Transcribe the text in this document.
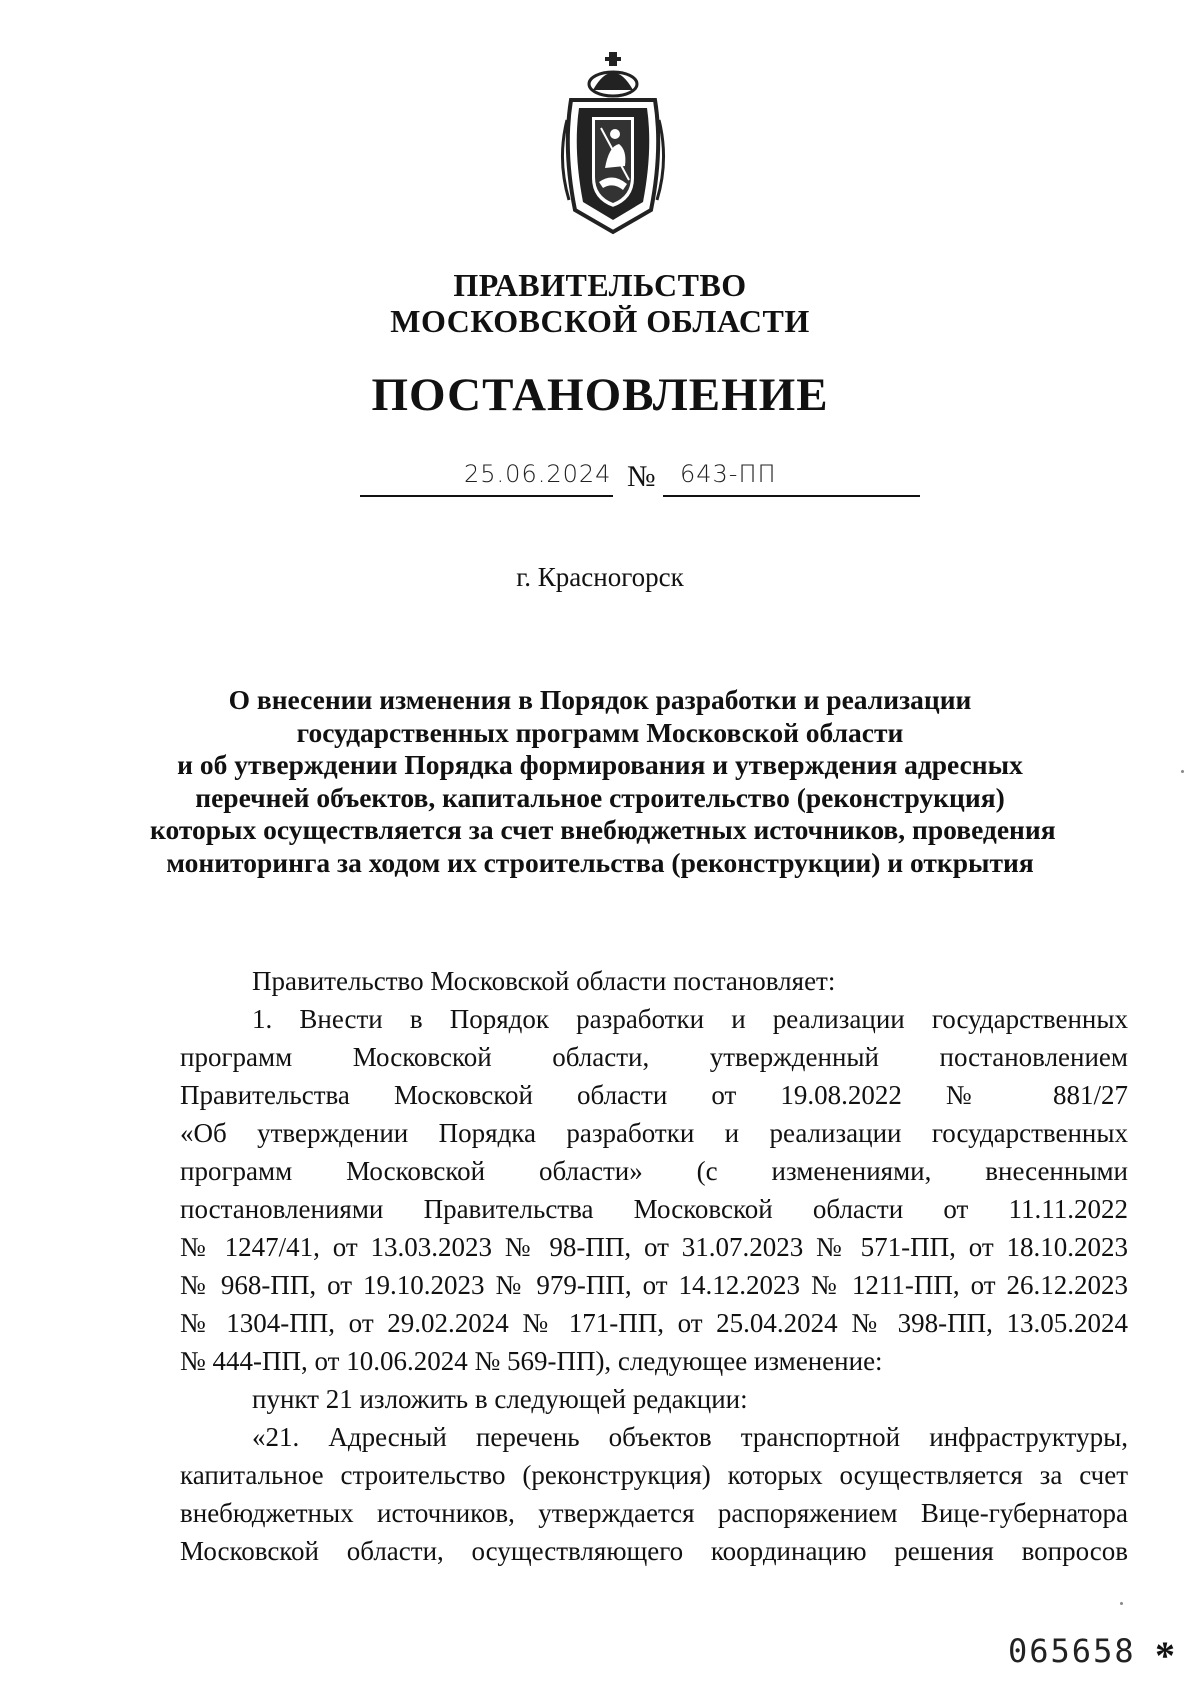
ПРАВИТЕЛЬСТВО
МОСКОВСКОЙ ОБЛАСТИ
ПОСТАНОВЛЕНИЕ
25.06.2024 № 643-ПП
г. Красногорск
О внесении изменения в Порядок разработки и реализации
государственных программ Московской области
и об утверждении Порядка формирования и утверждения адресных
перечней объектов, капитальное строительство (реконструкция)
которых осуществляется за счет внебюджетных источников, проведения
мониторинга за ходом их строительства (реконструкции) и открытия
Правительство Московской области постановляет:
1. Внести в Порядок разработки и реализации государственных
программ Московской области, утвержденный постановлением
Правительства Московской области от 19.08.2022 № 881/27
«Об утверждении Порядка разработки и реализации государственных
программ Московской области» (с изменениями, внесенными
постановлениями Правительства Московской области от 11.11.2022
№ 1247/41, от 13.03.2023 № 98-ПП, от 31.07.2023 № 571-ПП, от 18.10.2023
№ 968-ПП, от 19.10.2023 № 979-ПП, от 14.12.2023 № 1211-ПП, от 26.12.2023
№ 1304-ПП, от 29.02.2024 № 171-ПП, от 25.04.2024 № 398-ПП, 13.05.2024
№ 444-ПП, от 10.06.2024 № 569-ПП), следующее изменение:
пункт 21 изложить в следующей редакции:
«21. Адресный перечень объектов транспортной инфраструктуры,
капитальное строительство (реконструкция) которых осуществляется за счет
внебюджетных источников, утверждается распоряжением Вице-губернатора
Московской области, осуществляющего координацию решения вопросов
065658 *
